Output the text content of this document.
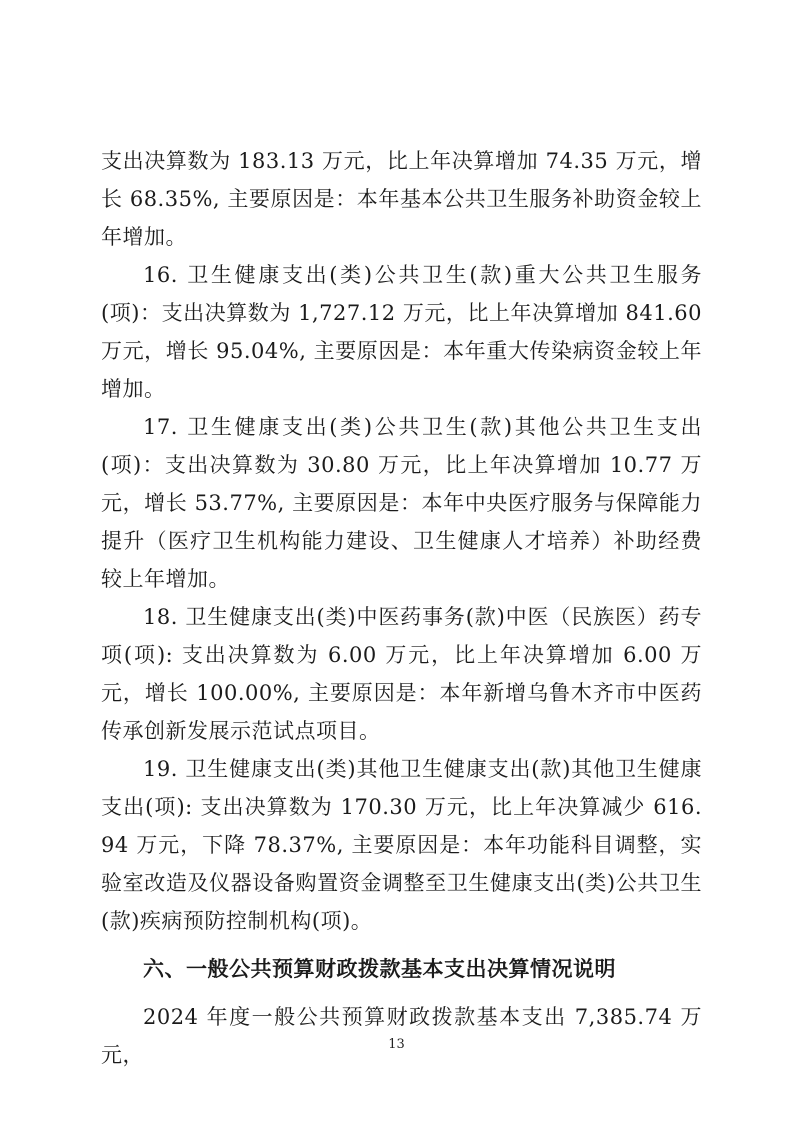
支出决算数为 183.13 万元，比上年决算增加 74.35 万元，增长 68.35%, 主要原因是：本年基本公共卫生服务补助资金较上年增加。

16. 卫生健康支出(类)公共卫生(款)重大公共卫生服务(项)：支出决算数为 1,727.12 万元，比上年决算增加 841.60 万元，增长 95.04%, 主要原因是：本年重大传染病资金较上年增加。

17. 卫生健康支出(类)公共卫生(款)其他公共卫生支出(项)：支出决算数为 30.80 万元，比上年决算增加 10.77 万元，增长 53.77%, 主要原因是：本年中央医疗服务与保障能力提升（医疗卫生机构能力建设、卫生健康人才培养）补助经费较上年增加。

18. 卫生健康支出(类)中医药事务(款)中医（民族医）药专项(项): 支出决算数为 6.00 万元，比上年决算增加 6.00 万元，增长 100.00%, 主要原因是：本年新增乌鲁木齐市中医药传承创新发展示范试点项目。

19. 卫生健康支出(类)其他卫生健康支出(款)其他卫生健康支出(项): 支出决算数为 170.30 万元，比上年决算减少 616.94 万元，下降 78.37%, 主要原因是：本年功能科目调整，实验室改造及仪器设备购置资金调整至卫生健康支出(类)公共卫生(款)疾病预防控制机构(项)。

六、一般公共预算财政拨款基本支出决算情况说明

2024 年度一般公共预算财政拨款基本支出 7,385.74 万元，	13
